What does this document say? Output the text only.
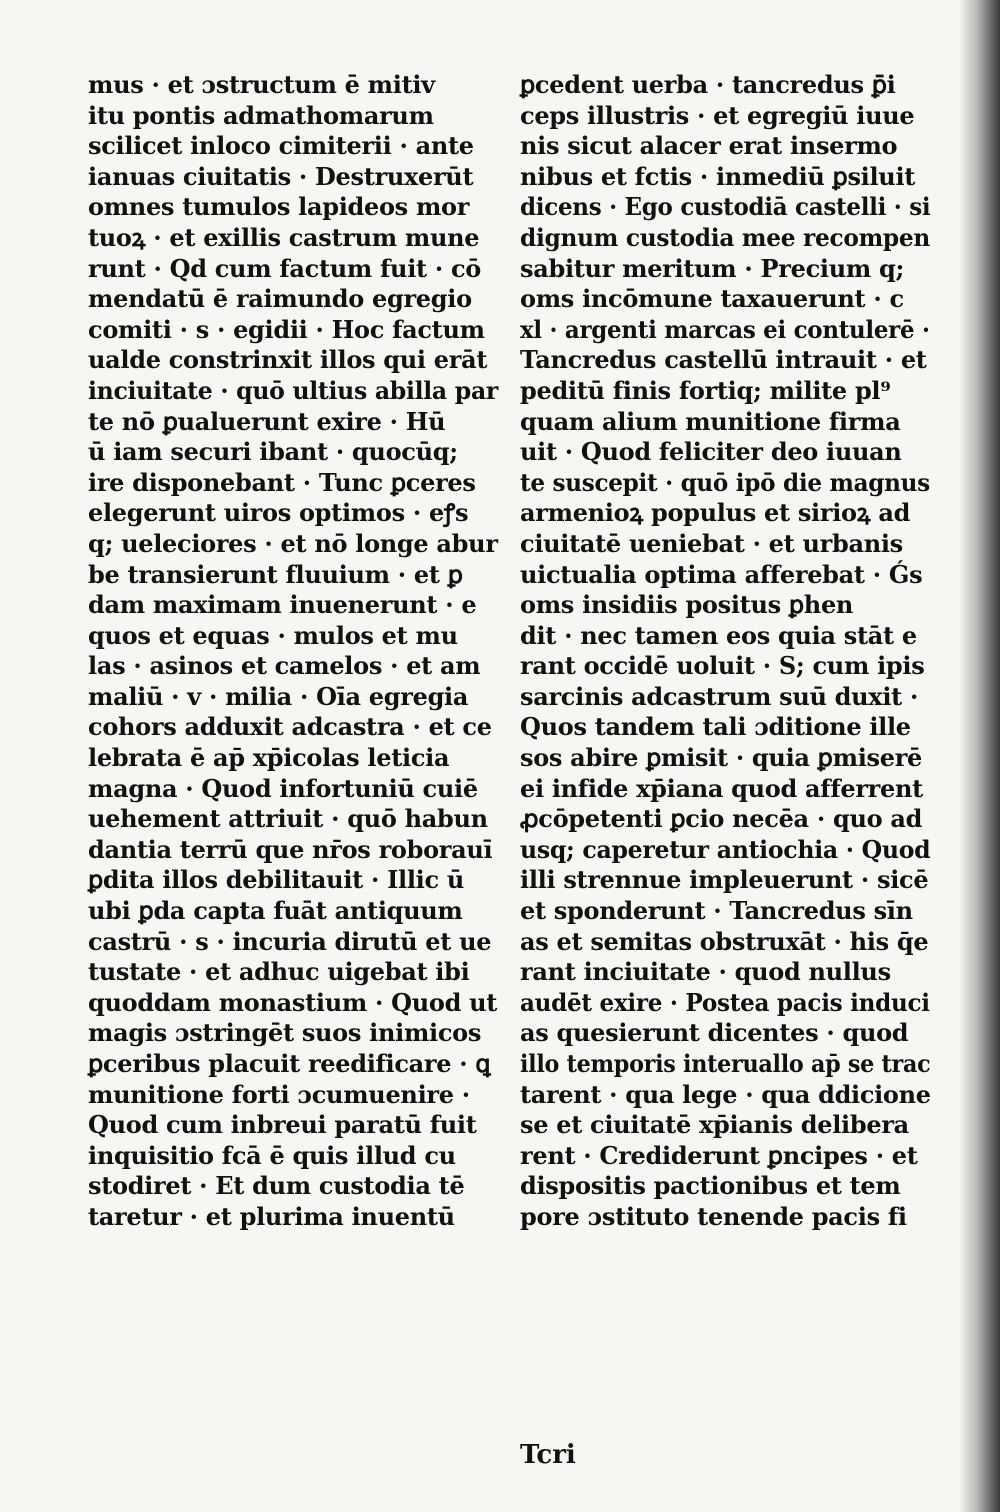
mus · et ɔstructum ē mitiv
itu pontis admathomarum
scilicet inloco cimiterii · ante
ianuas ciuitatis · Destruxerūt
omnes tumulos lapideos mor
tuoꝝ · et exillis castrum mune
runt · Qd cum factum fuit · cō
mendatū ē raimundo egregio
comiti · s · egidii · Hoc factum
ualde constrinxit illos qui erāt
inciuitate · quō ultius abilla par
te nō ꝑualuerunt exire · Hū
ū iam securi ibant · quocūq;
ire disponebant · Tunc ꝑceres
elegerunt uiros optimos · eꝭs
q; ueleciores · et nō longe abur
be transierunt fluuium · et ꝑ
dam maximam inuenerunt · e
quos et equas · mulos et mu
las · asinos et camelos · et am
maliū · v · milia · Oīa egregia
cohors adduxit adcastra · et ce
lebrata ē ap̄ xp̄icolas leticia
magna · Quod infortuniū cuiē
uehement attriuit · quō habun
dantia terrū que nr̄os roborauī
ꝑdita illos debilitauit · Illic ū
ubi ꝑda capta fuāt antiquum
castrū · s · incuria dirutū et ue
tustate · et adhuc uigebat ibi
quoddam monastium · Quod ut
magis ɔstringēt suos inimicos
ꝑceribus placuit reedificare · ꝗ
munitione forti ɔcumuenire ·
Quod cum inbreui paratū fuit
inquisitio fcā ē quis illud cu
stodiret · Et dum custodia tē
taretur · et plurima inuentū
ꝑcedent uerba · tancredus ꝑ̄i
ceps illustris · et egregiū iuue
nis sicut alacer erat insermo
nibus et fctis · inmediū ꝑsiluit
dicens · Ego custodiā castelli · si
dignum custodia mee recompen
sabitur meritum · Precium q;
oms incōmune taxauerunt · c
xl · argenti marcas ei contulerē ·
Tancredus castellū intrauit · et
peditū finis fortiq; milite pl⁹
quam alium munitione firma
uit · Quod feliciter deo iuuan
te suscepit · quō ipō die magnus
armenioꝝ populus et sirioꝝ ad
ciuitatē ueniebat · et urbanis
uictualia optima afferebat · Ǵs
oms insidiis positus ꝑhen
dit · nec tamen eos quia stāt e
rant occidē uoluit · S; cum ipis
sarcinis adcastrum suū duxit ·
Quos tandem tali ɔditione ille
sos abire ꝑmisit · quia ꝑmiserē
ei infide xp̄iana quod afferrent
ꝓcōpetenti ꝑcio necēa · quo ad
usq; caperetur antiochia · Quod
illi strennue impleuerunt · sicē
et sponderunt · Tancredus sīn
as et semitas obstruxāt · his q̄e
rant inciuitate · quod nullus
audēt exire · Postea pacis induci
as quesierunt dicentes · quod
illo temporis interuallo ap̄ se trac
tarent · qua lege · qua ddicione
se et ciuitatē xp̄ianis delibera
rent · Crediderunt ꝑncipes · et
dispositis pactionibus et tem
pore ɔstituto tenende pacis fi
Tcri
